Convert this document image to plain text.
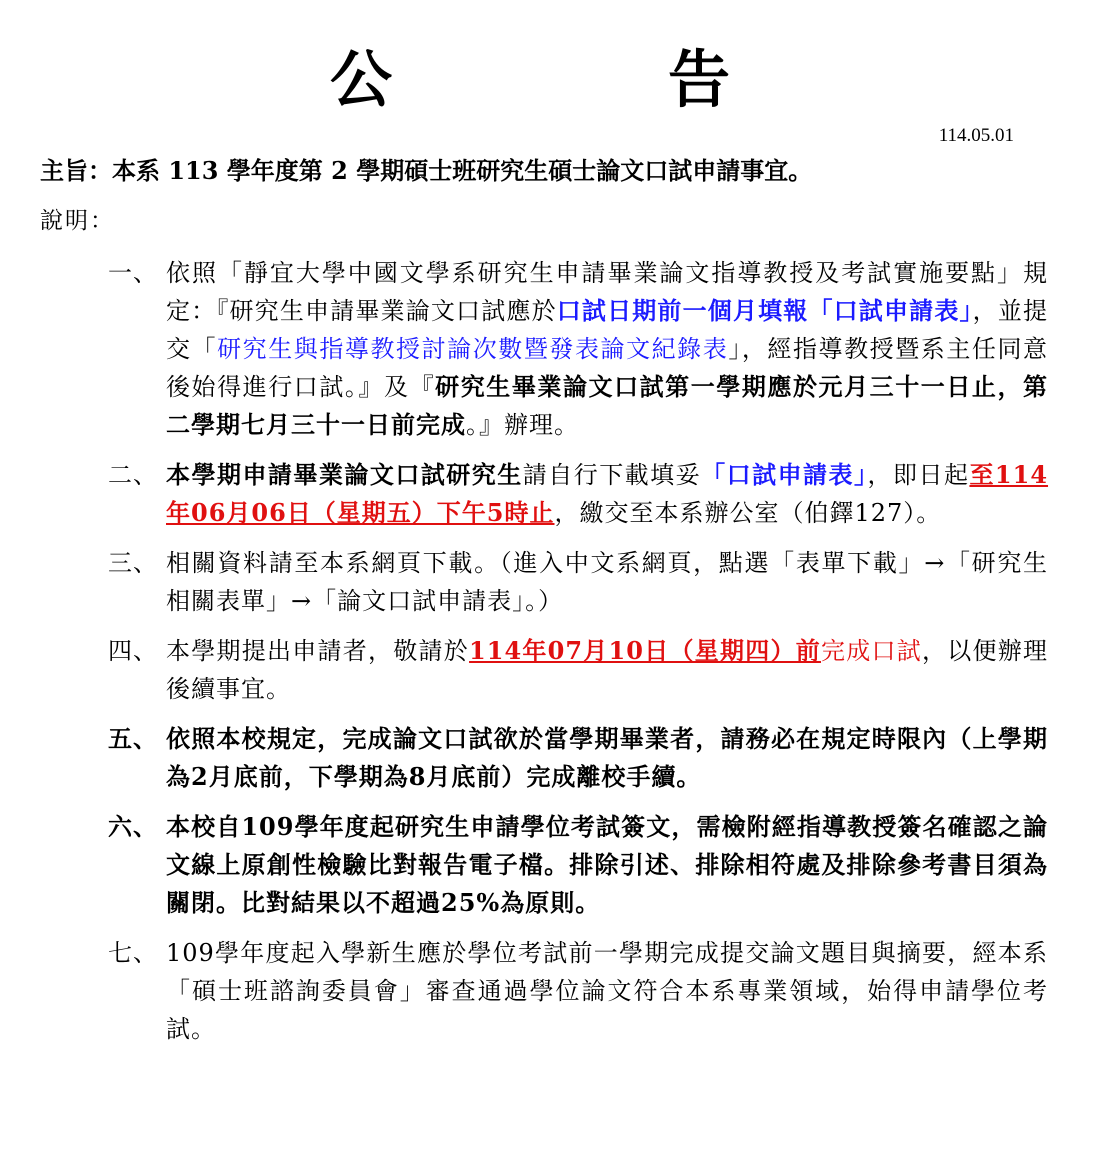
公	告
114.05.01
主旨：本系 113 學年度第 2 學期碩士班研究生碩士論文口試申請事宜。
說明：
一、 依照「靜宜大學中國文學系研究生申請畢業論文指導教授及考試實施要點」規定：『研究生申請畢業論文口試應於口試日期前一個月填報「口試申請表」，並提交「研究生與指導教授討論次數暨發表論文紀錄表」，經指導教授暨系主任同意後始得進行口試。』及『研究生畢業論文口試第一學期應於元月三十一日止，第二學期七月三十一日前完成。』辦理。
二、 本學期申請畢業論文口試研究生請自行下載填妥「口試申請表」，即日起至114年06月06日（星期五）下午5時止，繳交至本系辦公室（伯鐸127）。
三、 相關資料請至本系網頁下載。（進入中文系網頁，點選「表單下載」→「研究生相關表單」→「論文口試申請表」。）
四、 本學期提出申請者，敬請於114年07月10日（星期四）前完成口試，以便辦理後續事宜。
五、 依照本校規定，完成論文口試欲於當學期畢業者，請務必在規定時限內（上學期為2月底前，下學期為8月底前）完成離校手續。
六、 本校自109學年度起研究生申請學位考試簽文，需檢附經指導教授簽名確認之論文線上原創性檢驗比對報告電子檔。排除引述、排除相符處及排除參考書目須為關閉。比對結果以不超過25%為原則。
七、 109學年度起入學新生應於學位考試前一學期完成提交論文題目與摘要，經本系「碩士班諮詢委員會」審查通過學位論文符合本系專業領域，始得申請學位考試。
